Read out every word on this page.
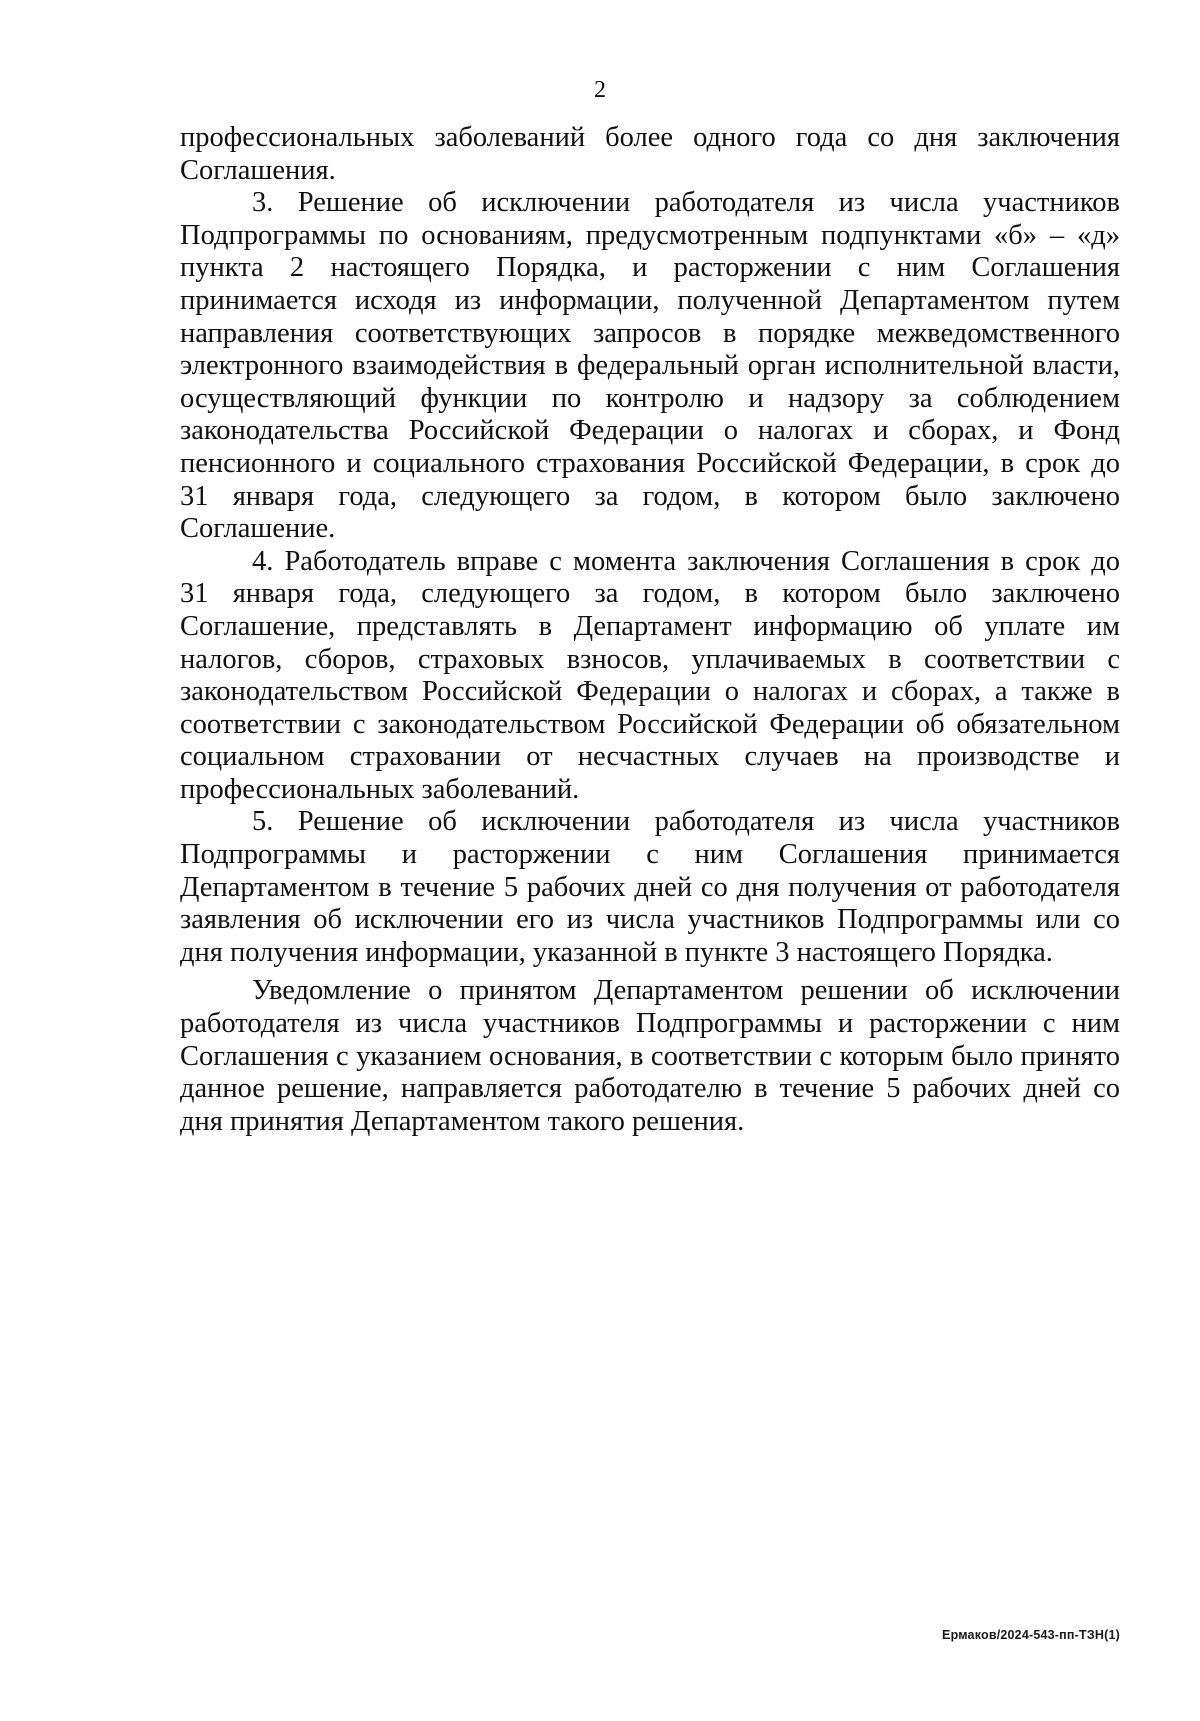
2

профессиональных заболеваний более одного года со дня заключения Соглашения.

3. Решение об исключении работодателя из числа участников Подпрограммы по основаниям, предусмотренным подпунктами «б» – «д» пункта 2 настоящего Порядка, и расторжении с ним Соглашения принимается исходя из информации, полученной Департаментом путем направления соответствующих запросов в порядке межведомственного электронного взаимодействия в федеральный орган исполнительной власти, осуществляющий функции по контролю и надзору за соблюдением законодательства Российской Федерации о налогах и сборах, и Фонд пенсионного и социального страхования Российской Федерации, в срок до 31 января года, следующего за годом, в котором было заключено Соглашение.

4. Работодатель вправе с момента заключения Соглашения в срок до 31 января года, следующего за годом, в котором было заключено Соглашение, представлять в Департамент информацию об уплате им налогов, сборов, страховых взносов, уплачиваемых в соответствии с законодательством Российской Федерации о налогах и сборах, а также в соответствии с законодательством Российской Федерации об обязательном социальном страховании от несчастных случаев на производстве и профессиональных заболеваний.

5. Решение об исключении работодателя из числа участников Подпрограммы и расторжении с ним Соглашения принимается Департаментом в течение 5 рабочих дней со дня получения от работодателя заявления об исключении его из числа участников Подпрограммы или со дня получения информации, указанной в пункте 3 настоящего Порядка.

Уведомление о принятом Департаментом решении об исключении работодателя из числа участников Подпрограммы и расторжении с ним Соглашения с указанием основания, в соответствии с которым было принято данное решение, направляется работодателю в течение 5 рабочих дней со дня принятия Департаментом такого решения.

Ермаков/2024-543-пп-ТЗН(1)
